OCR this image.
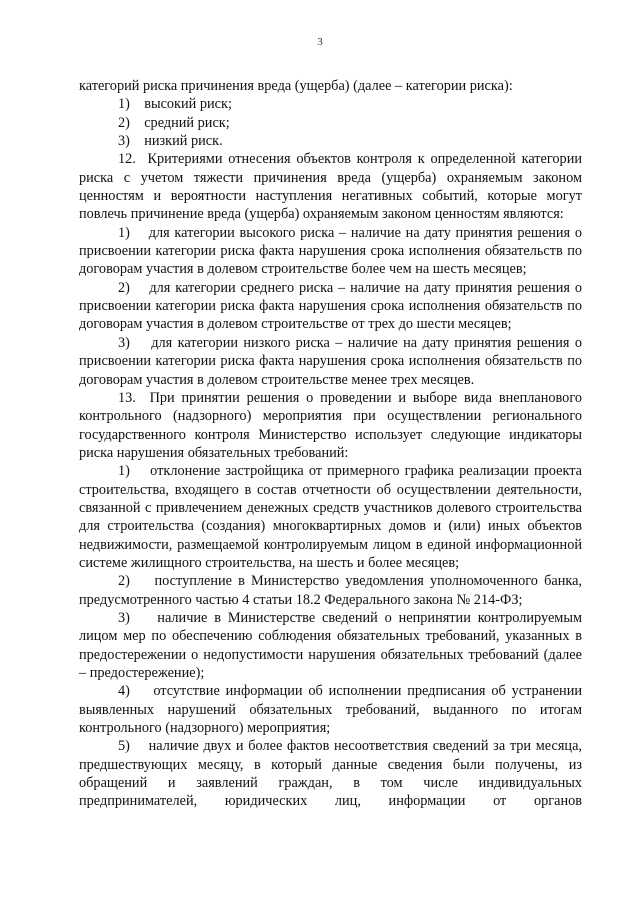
3

категорий риска причинения вреда (ущерба) (далее – категории риска):

1)    высокий риск;

2)    средний риск;

3)    низкий риск.

12.  Критериями отнесения объектов контроля к определенной категории риска с учетом тяжести причинения вреда (ущерба) охраняемым законом ценностям и вероятности наступления негативных событий, которые могут повлечь причинение вреда (ущерба) охраняемым законом ценностям являются:

1)    для категории высокого риска – наличие на дату принятия решения о присвоении категории риска факта нарушения срока исполнения обязательств по договорам участия в долевом строительстве более чем на шесть месяцев;

2)    для категории среднего риска – наличие на дату принятия решения о присвоении категории риска факта нарушения срока исполнения обязательств по договорам участия в долевом строительстве от трех до шести месяцев;

3)    для категории низкого риска – наличие на дату принятия решения о присвоении категории риска факта нарушения срока исполнения обязательств по договорам участия в долевом строительстве менее трех месяцев.

13.  При принятии решения о проведении и выборе вида внепланового контрольного (надзорного) мероприятия при осуществлении регионального государственного контроля Министерство использует следующие индикаторы риска нарушения обязательных требований:

1)    отклонение застройщика от примерного графика реализации проекта строительства, входящего в состав отчетности об осуществлении деятельности, связанной с привлечением денежных средств участников долевого строительства для строительства (создания) многоквартирных домов и (или) иных объектов недвижимости, размещаемой контролируемым лицом в единой информационной системе жилищного строительства, на шесть и более месяцев;

2)    поступление в Министерство уведомления уполномоченного банка, предусмотренного частью 4 статьи 18.2 Федерального закона № 214-ФЗ;

3)    наличие в Министерстве сведений о непринятии контролируемым лицом мер по обеспечению соблюдения обязательных требований, указанных в предостережении о недопустимости нарушения обязательных требований (далее – предостережение);

4)    отсутствие информации об исполнении предписания об устранении выявленных нарушений обязательных требований, выданного по итогам контрольного (надзорного) мероприятия;

5)    наличие двух и более фактов несоответствия сведений за три месяца, предшествующих месяцу, в который данные сведения были получены, из обращений и заявлений граждан, в том числе индивидуальных предпринимателей, юридических лиц, информации от органов
